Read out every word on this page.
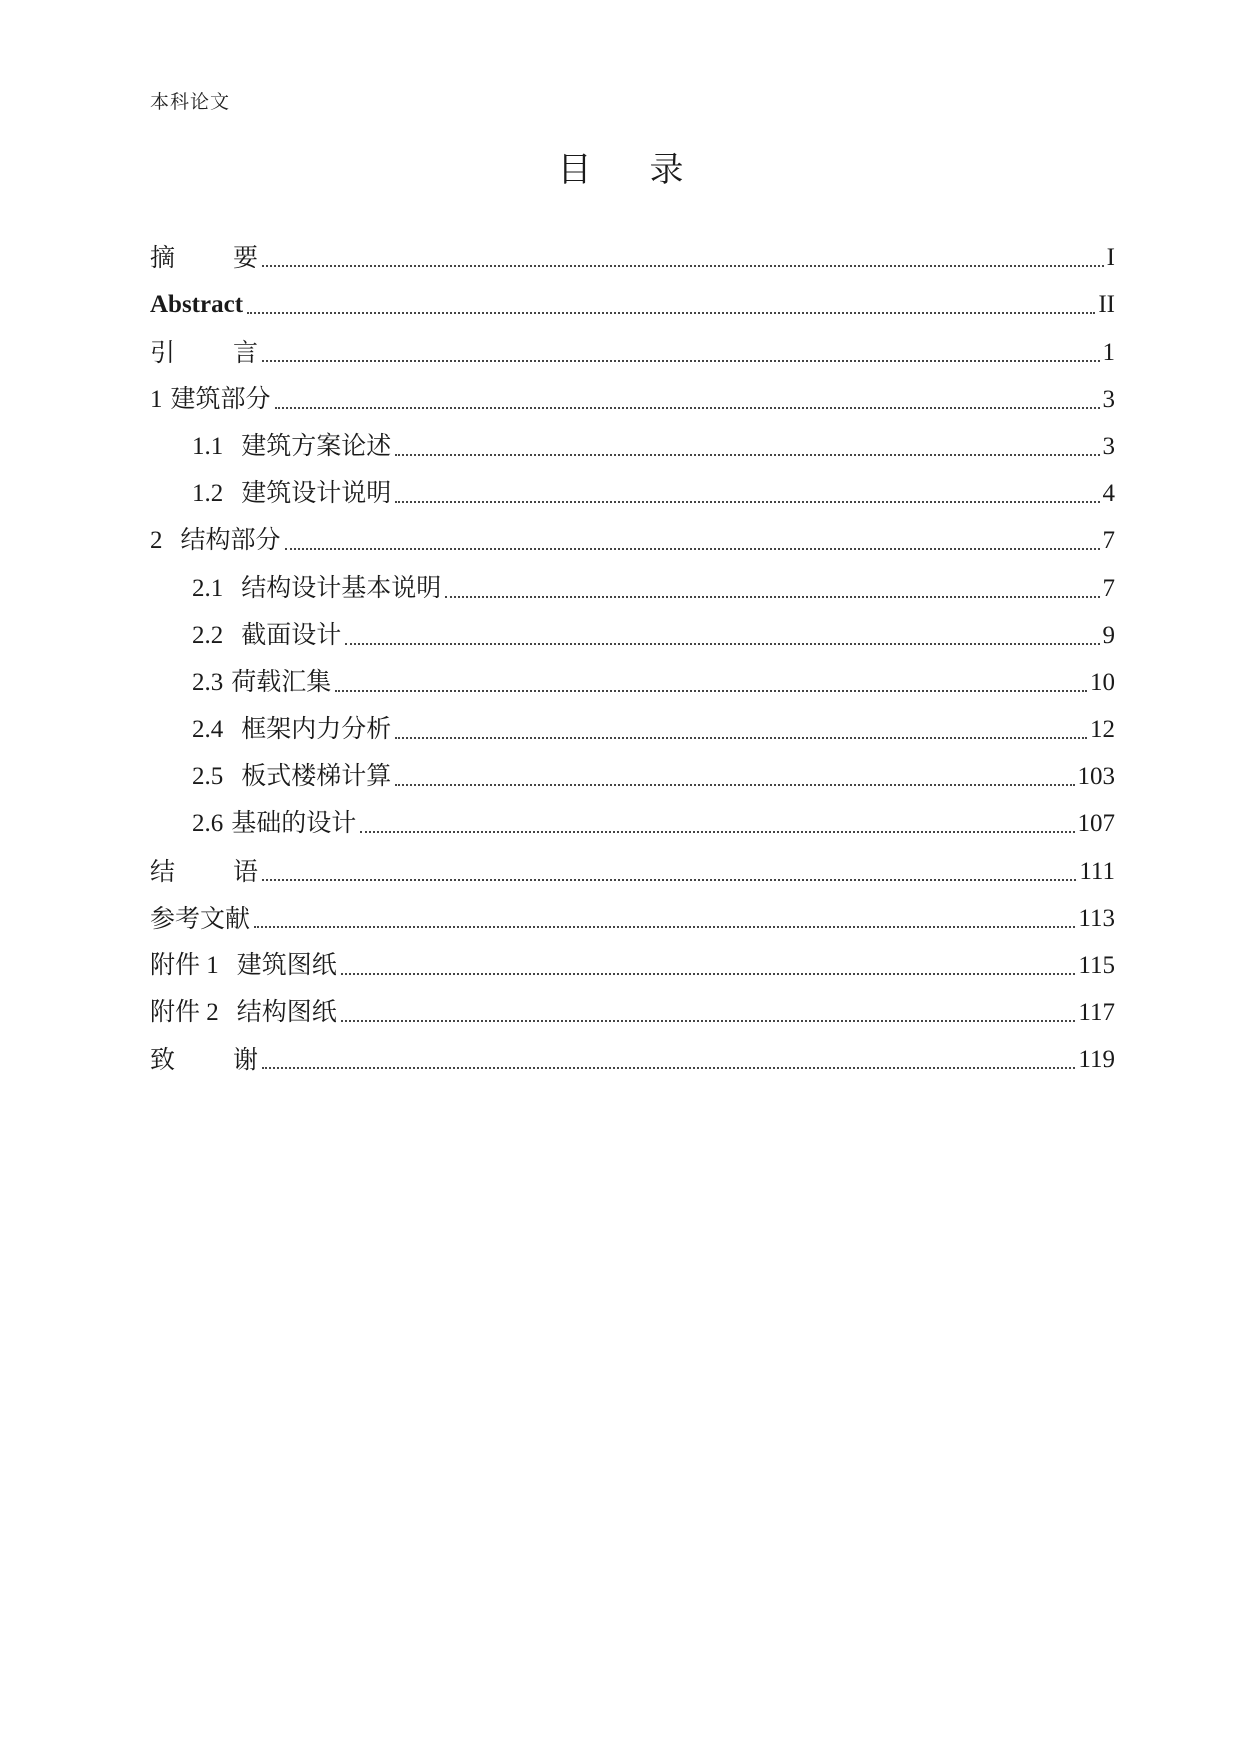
本科论文
目 录
摘 要	I
Abstract	II
引 言	1
1 建筑部分	3
1.1 建筑方案论述	3
1.2 建筑设计说明	4
2 结构部分	7
2.1 结构设计基本说明	7
2.2 截面设计	9
2.3 荷载汇集	10
2.4 框架内力分析	12
2.5 板式楼梯计算	103
2.6 基础的设计	107
结 语	111
参考文献	113
附件 1 建筑图纸	115
附件 2 结构图纸	117
致 谢	119
